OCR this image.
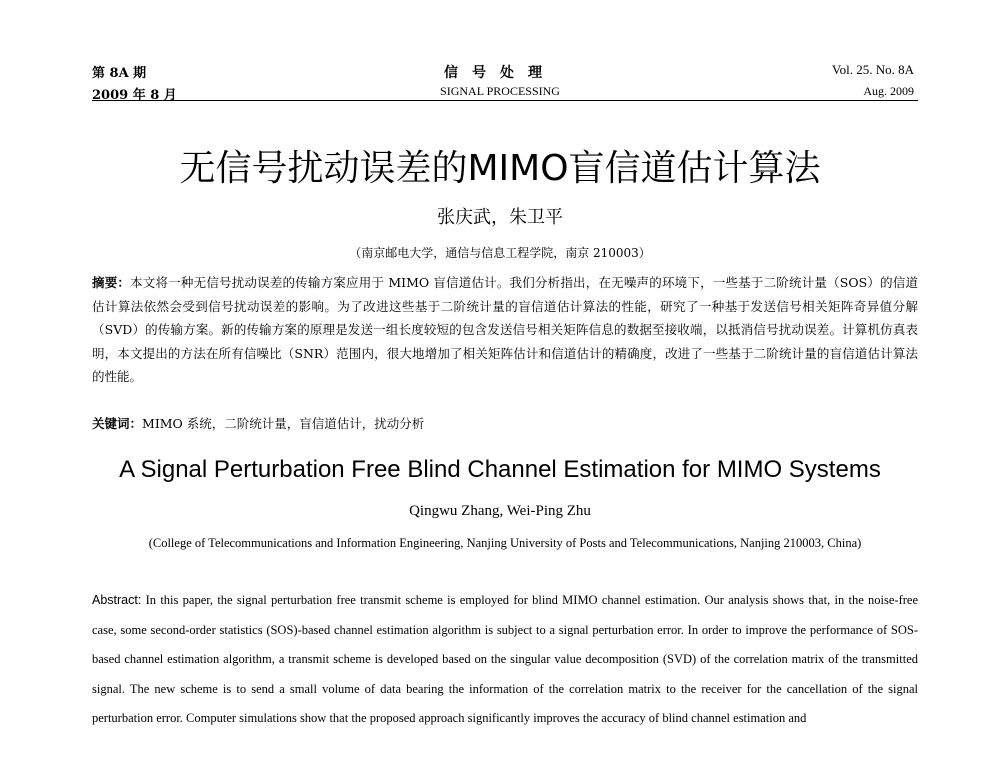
第 8A 期
2009 年 8 月
信号处理
SIGNAL PROCESSING
Vol. 25. No. 8A
Aug. 2009
无信号扰动误差的MIMO盲信道估计算法
张庆武，朱卫平
（南京邮电大学，通信与信息工程学院，南京 210003）
摘要：本文将一种无信号扰动误差的传输方案应用于 MIMO 盲信道估计。我们分析指出，在无噪声的环境下，一些基于二阶统计量（SOS）的信道估计算法依然会受到信号扰动误差的影响。为了改进这些基于二阶统计量的盲信道估计算法的性能，研究了一种基于发送信号相关矩阵奇异值分解（SVD）的传输方案。新的传输方案的原理是发送一组长度较短的包含发送信号相关矩阵信息的数据至接收端，以抵消信号扰动误差。计算机仿真表明，本文提出的方法在所有信噪比（SNR）范围内，很大地增加了相关矩阵估计和信道估计的精确度，改进了一些基于二阶统计量的盲信道估计算法的性能。
关键词：MIMO 系统，二阶统计量，盲信道估计，扰动分析
A Signal Perturbation Free Blind Channel Estimation for MIMO Systems
Qingwu Zhang, Wei-Ping Zhu
(College of Telecommunications and Information Engineering, Nanjing University of Posts and Telecommunications, Nanjing 210003, China)
Abstract: In this paper, the signal perturbation free transmit scheme is employed for blind MIMO channel estimation. Our analysis shows that, in the noise-free case, some second-order statistics (SOS)-based channel estimation algorithm is subject to a signal perturbation error. In order to improve the performance of SOS-based channel estimation algorithm, a transmit scheme is developed based on the singular value decomposition (SVD) of the correlation matrix of the transmitted signal. The new scheme is to send a small volume of data bearing the information of the correlation matrix to the receiver for the cancellation of the signal perturbation error. Computer simulations show that the proposed approach significantly improves the accuracy of blind channel estimation and
